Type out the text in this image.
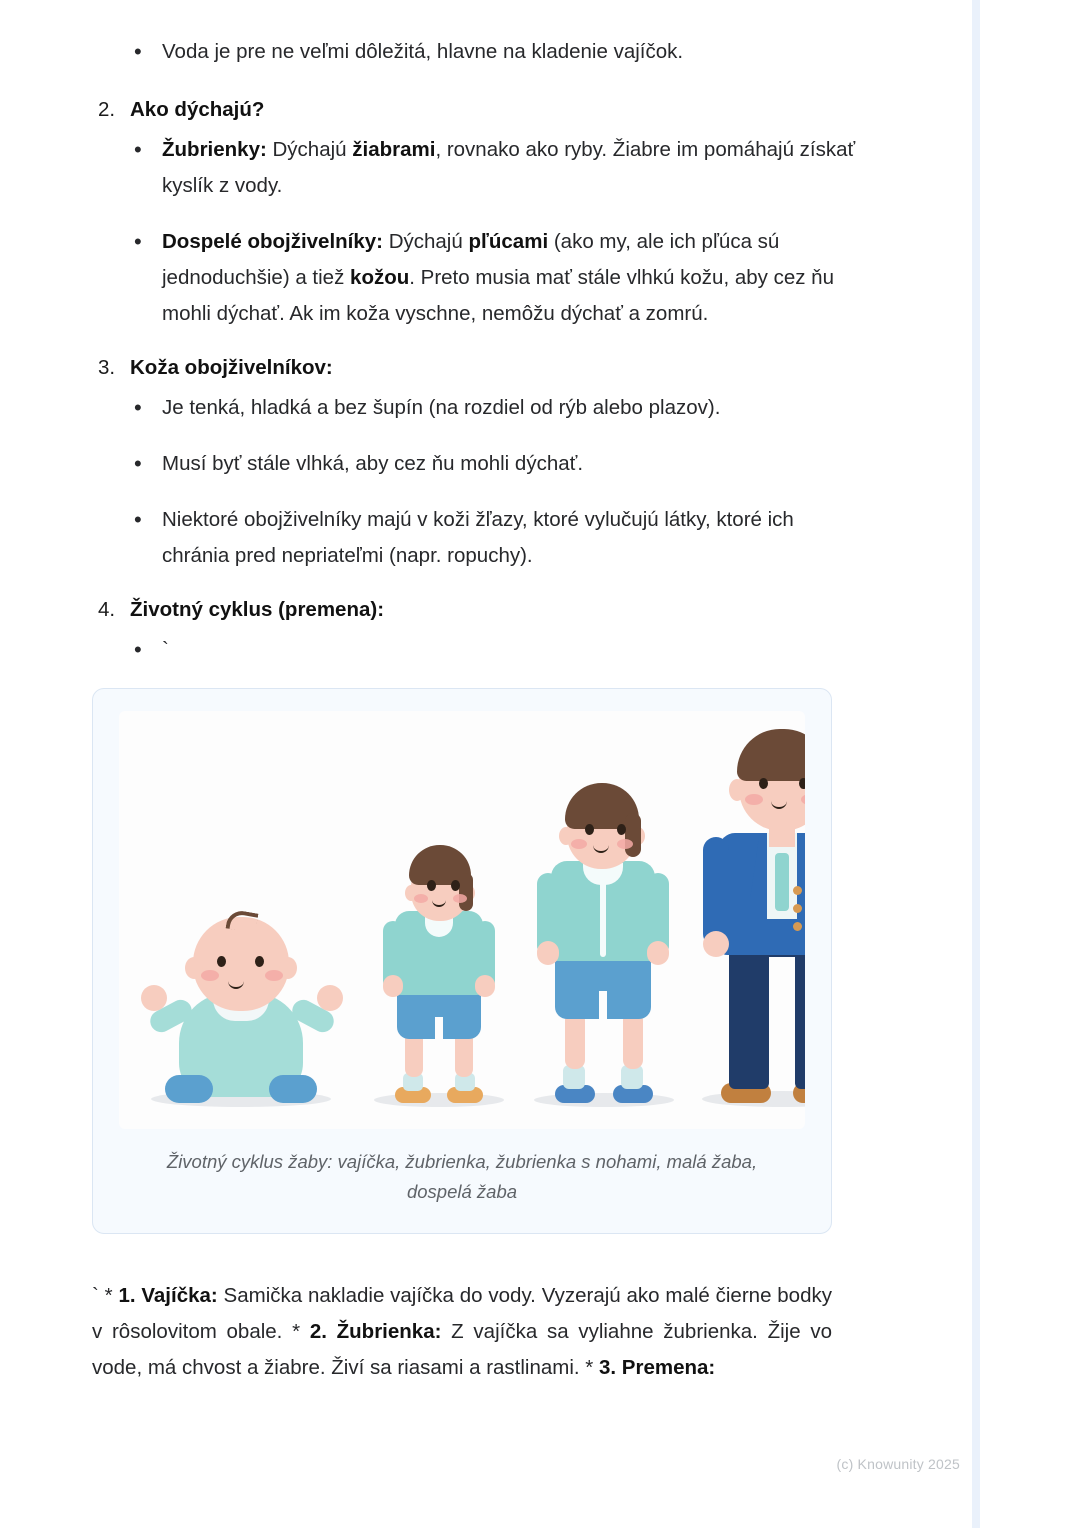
• Voda je pre ne veľmi dôležitá, hlavne na kladenie vajíčok.
2. Ako dýchajú?
• Žubrienky: Dýchajú žiabrami, rovnako ako ryby. Žiabre im pomáhajú získať kyslík z vody.
• Dospelé obojživelníky: Dýchajú pľúcami (ako my, ale ich pľúca sú jednoduchšie) a tiež kožou. Preto musia mať stále vlhkú kožu, aby cez ňu mohli dýchať. Ak im koža vyschne, nemôžu dýchať a zomrú.
3. Koža obojživelníkov:
• Je tenká, hladká a bez šupín (na rozdiel od rýb alebo plazov).
• Musí byť stále vlhká, aby cez ňu mohli dýchať.
• Niektoré obojživelníky majú v koži žľazy, ktoré vylučujú látky, ktoré ich chránia pred nepriateľmi (napr. ropuchy).
4. Životný cyklus (premena):
• `
Životný cyklus žaby: vajíčka, žubrienka, žubrienka s nohami, malá žaba, dospelá žaba
` * 1. Vajíčka: Samička nakladie vajíčka do vody. Vyzerajú ako malé čierne bodky v rôsolovitom obale. * 2. Žubrienka: Z vajíčka sa vyliahne žubrienka. Žije vo vode, má chvost a žiabre. Živí sa riasami a rastlinami. * 3. Premena:
(c) Knowunity 2025
